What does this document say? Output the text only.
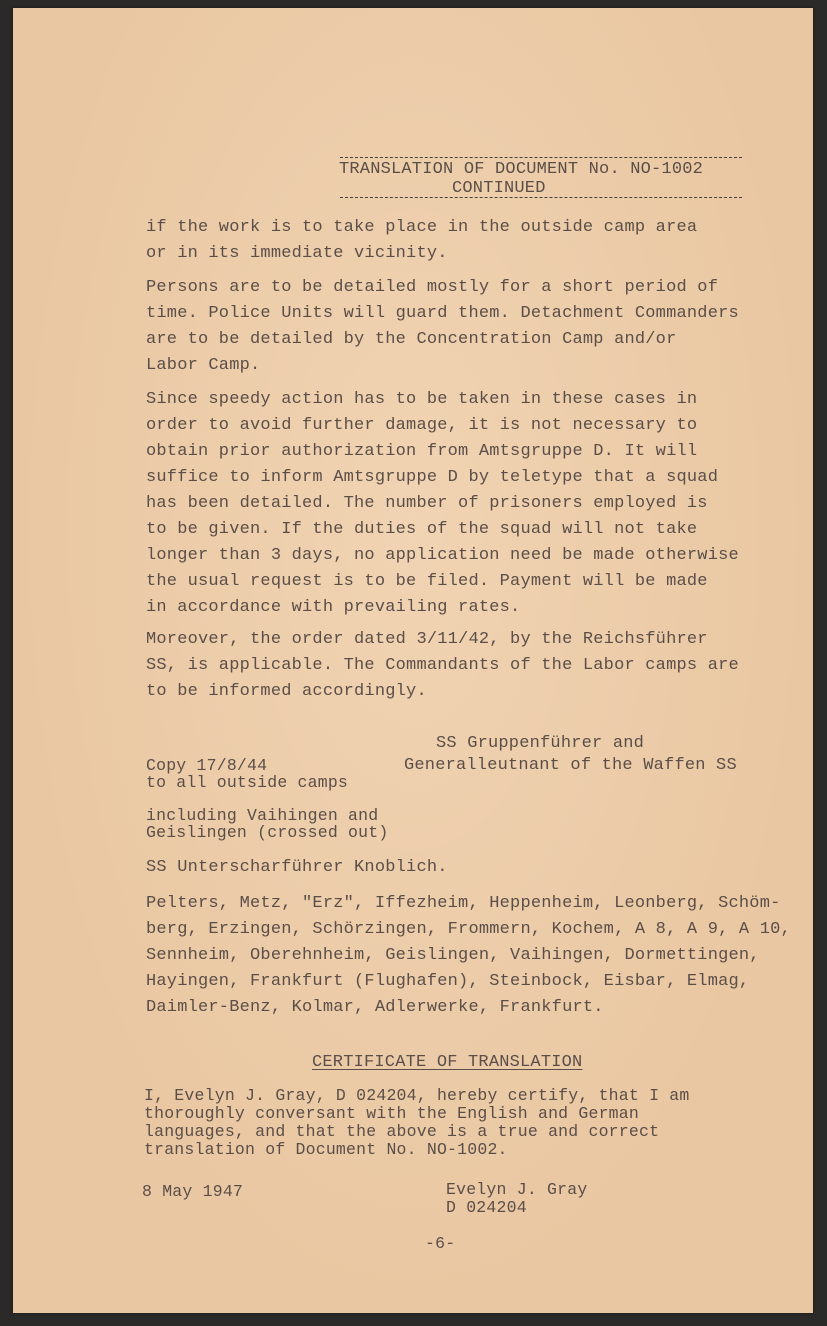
TRANSLATION OF DOCUMENT No. NO-1002
CONTINUED
if the work is to take place in the outside camp area
or in its immediate vicinity.
Persons are to be detailed mostly for a short period of
time. Police Units will guard them. Detachment Commanders
are to be detailed by the Concentration Camp and/or
Labor Camp.
Since speedy action has to be taken in these cases in
order to avoid further damage, it is not necessary to
obtain prior authorization from Amtsgruppe D. It will
suffice to inform Amtsgruppe D by teletype that a squad
has been detailed. The number of prisoners employed is
to be given. If the duties of the squad will not take
longer than 3 days, no application need be made otherwise
the usual request is to be filed. Payment will be made
in accordance with prevailing rates.
Moreover, the order dated 3/11/42, by the Reichsführer
SS, is applicable. The Commandants of the Labor camps are
to be informed accordingly.
SS Gruppenführer and
Copy 17/8/44	Generalleutnant of the Waffen SS
to all outside camps
including Vaihingen and
Geislingen (crossed out)
SS Unterscharführer Knoblich.
Pelters, Metz, "Erz", Iffezheim, Heppenheim, Leonberg, Schöm-
berg, Erzingen, Schörzingen, Frommern, Kochem, A 8, A 9, A 10,
Sennheim, Oberehnheim, Geislingen, Vaihingen, Dormettingen,
Hayingen, Frankfurt (Flughafen), Steinbock, Eisbar, Elmag,
Daimler-Benz, Kolmar, Adlerwerke, Frankfurt.
CERTIFICATE OF TRANSLATION
I, Evelyn J. Gray, D 024204, hereby certify, that I am
thoroughly conversant with the English and German
languages, and that the above is a true and correct
translation of Document No. NO-1002.
8 May 1947	Evelyn J. Gray
D 024204
-6-
